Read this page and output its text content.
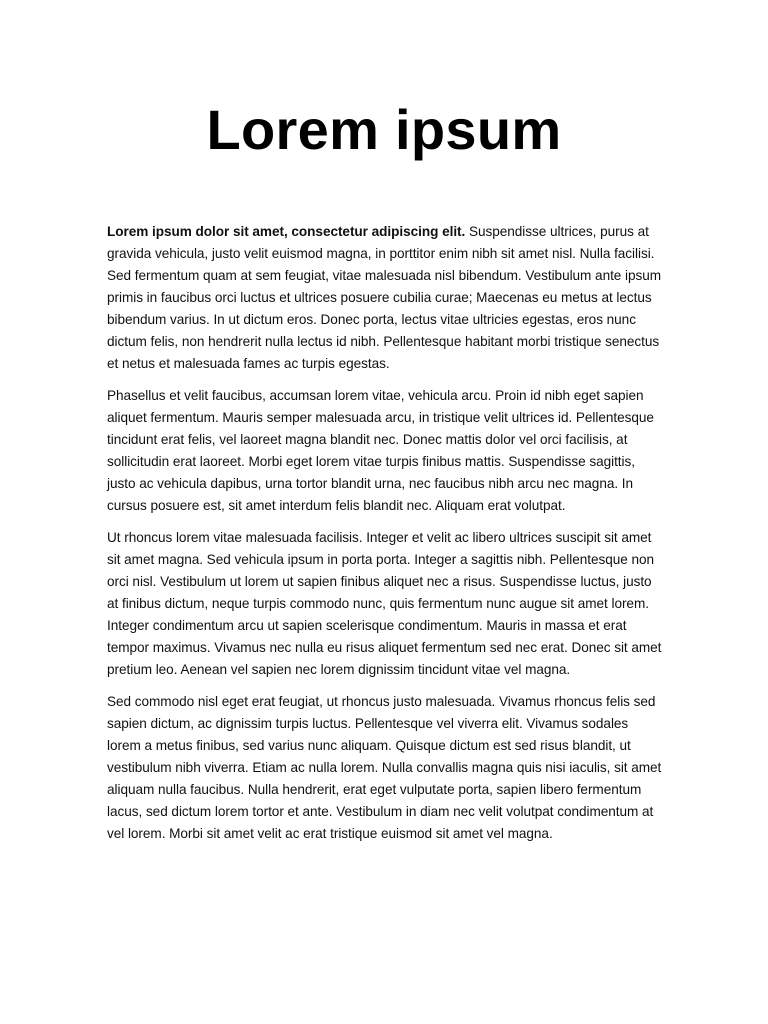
Lorem ipsum

Lorem ipsum dolor sit amet, consectetur adipiscing elit. Suspendisse ultrices, purus at gravida vehicula, justo velit euismod magna, in porttitor enim nibh sit amet nisl. Nulla facilisi. Sed fermentum quam at sem feugiat, vitae malesuada nisl bibendum. Vestibulum ante ipsum primis in faucibus orci luctus et ultrices posuere cubilia curae; Maecenas eu metus at lectus bibendum varius. In ut dictum eros. Donec porta, lectus vitae ultricies egestas, eros nunc dictum felis, non hendrerit nulla lectus id nibh. Pellentesque habitant morbi tristique senectus et netus et malesuada fames ac turpis egestas.

Phasellus et velit faucibus, accumsan lorem vitae, vehicula arcu. Proin id nibh eget sapien aliquet fermentum. Mauris semper malesuada arcu, in tristique velit ultrices id. Pellentesque tincidunt erat felis, vel laoreet magna blandit nec. Donec mattis dolor vel orci facilisis, at sollicitudin erat laoreet. Morbi eget lorem vitae turpis finibus mattis. Suspendisse sagittis, justo ac vehicula dapibus, urna tortor blandit urna, nec faucibus nibh arcu nec magna. In cursus posuere est, sit amet interdum felis blandit nec. Aliquam erat volutpat.

Ut rhoncus lorem vitae malesuada facilisis. Integer et velit ac libero ultrices suscipit sit amet sit amet magna. Sed vehicula ipsum in porta porta. Integer a sagittis nibh. Pellentesque non orci nisl. Vestibulum ut lorem ut sapien finibus aliquet nec a risus. Suspendisse luctus, justo at finibus dictum, neque turpis commodo nunc, quis fermentum nunc augue sit amet lorem. Integer condimentum arcu ut sapien scelerisque condimentum. Mauris in massa et erat tempor maximus. Vivamus nec nulla eu risus aliquet fermentum sed nec erat. Donec sit amet pretium leo. Aenean vel sapien nec lorem dignissim tincidunt vitae vel magna.

Sed commodo nisl eget erat feugiat, ut rhoncus justo malesuada. Vivamus rhoncus felis sed sapien dictum, ac dignissim turpis luctus. Pellentesque vel viverra elit. Vivamus sodales lorem a metus finibus, sed varius nunc aliquam. Quisque dictum est sed risus blandit, ut vestibulum nibh viverra. Etiam ac nulla lorem. Nulla convallis magna quis nisi iaculis, sit amet aliquam nulla faucibus. Nulla hendrerit, erat eget vulputate porta, sapien libero fermentum lacus, sed dictum lorem tortor et ante. Vestibulum in diam nec velit volutpat condimentum at vel lorem. Morbi sit amet velit ac erat tristique euismod sit amet vel magna.
